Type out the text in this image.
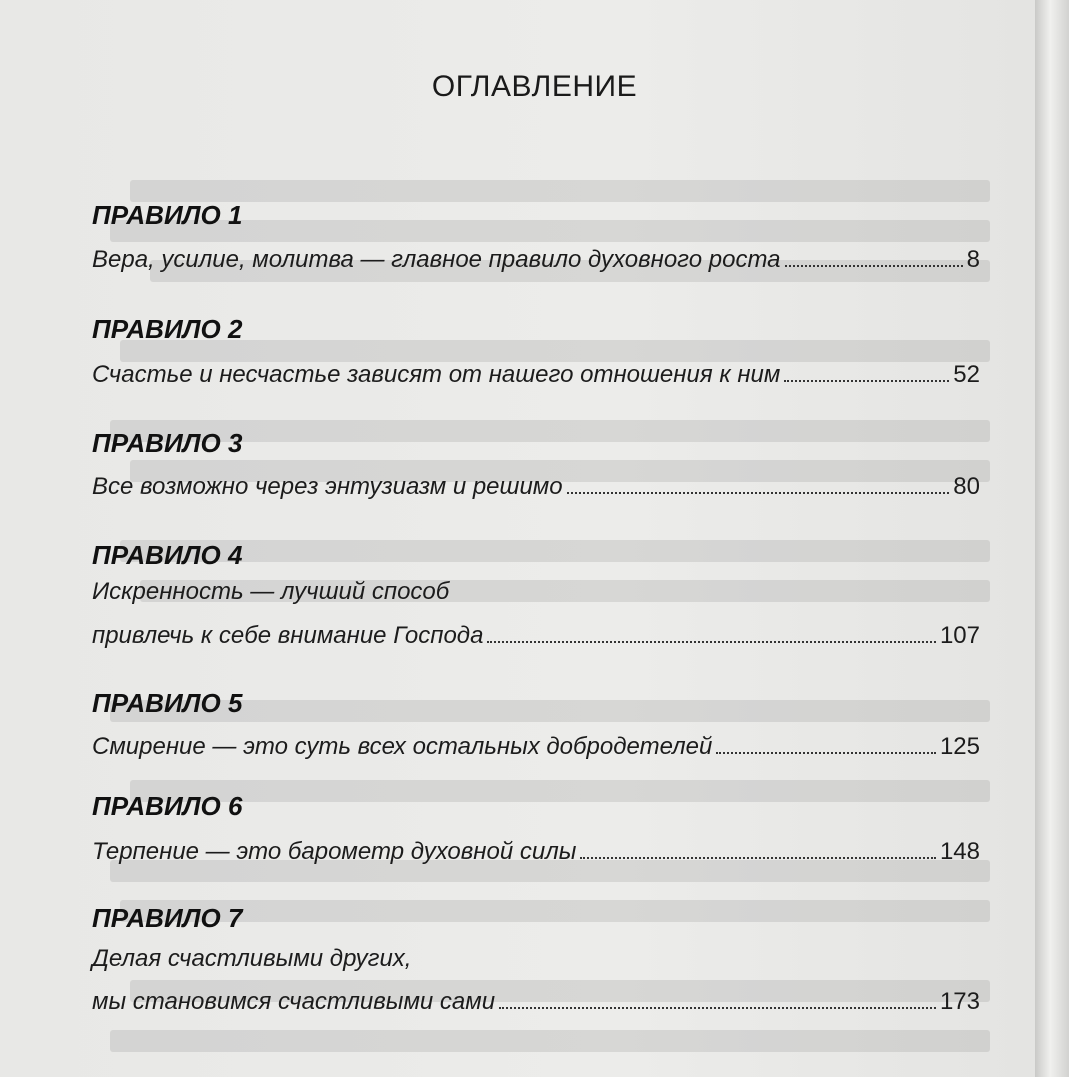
ОГЛАВЛЕНИЕ
ПРАВИЛО 1
Вера, усилие, молитва — главное правило духовного роста	8
ПРАВИЛО 2
Счастье и несчастье зависят от нашего отношения к ним	52
ПРАВИЛО 3
Все возможно через энтузиазм и решимо	80
ПРАВИЛО 4
Искренность — лучший способ
привлечь к себе внимание Господа	107
ПРАВИЛО 5
Смирение — это суть всех остальных добродетелей	125
ПРАВИЛО 6
Терпение — это барометр духовной силы	148
ПРАВИЛО 7
Делая счастливыми других,
мы становимся счастливыми сами	173
